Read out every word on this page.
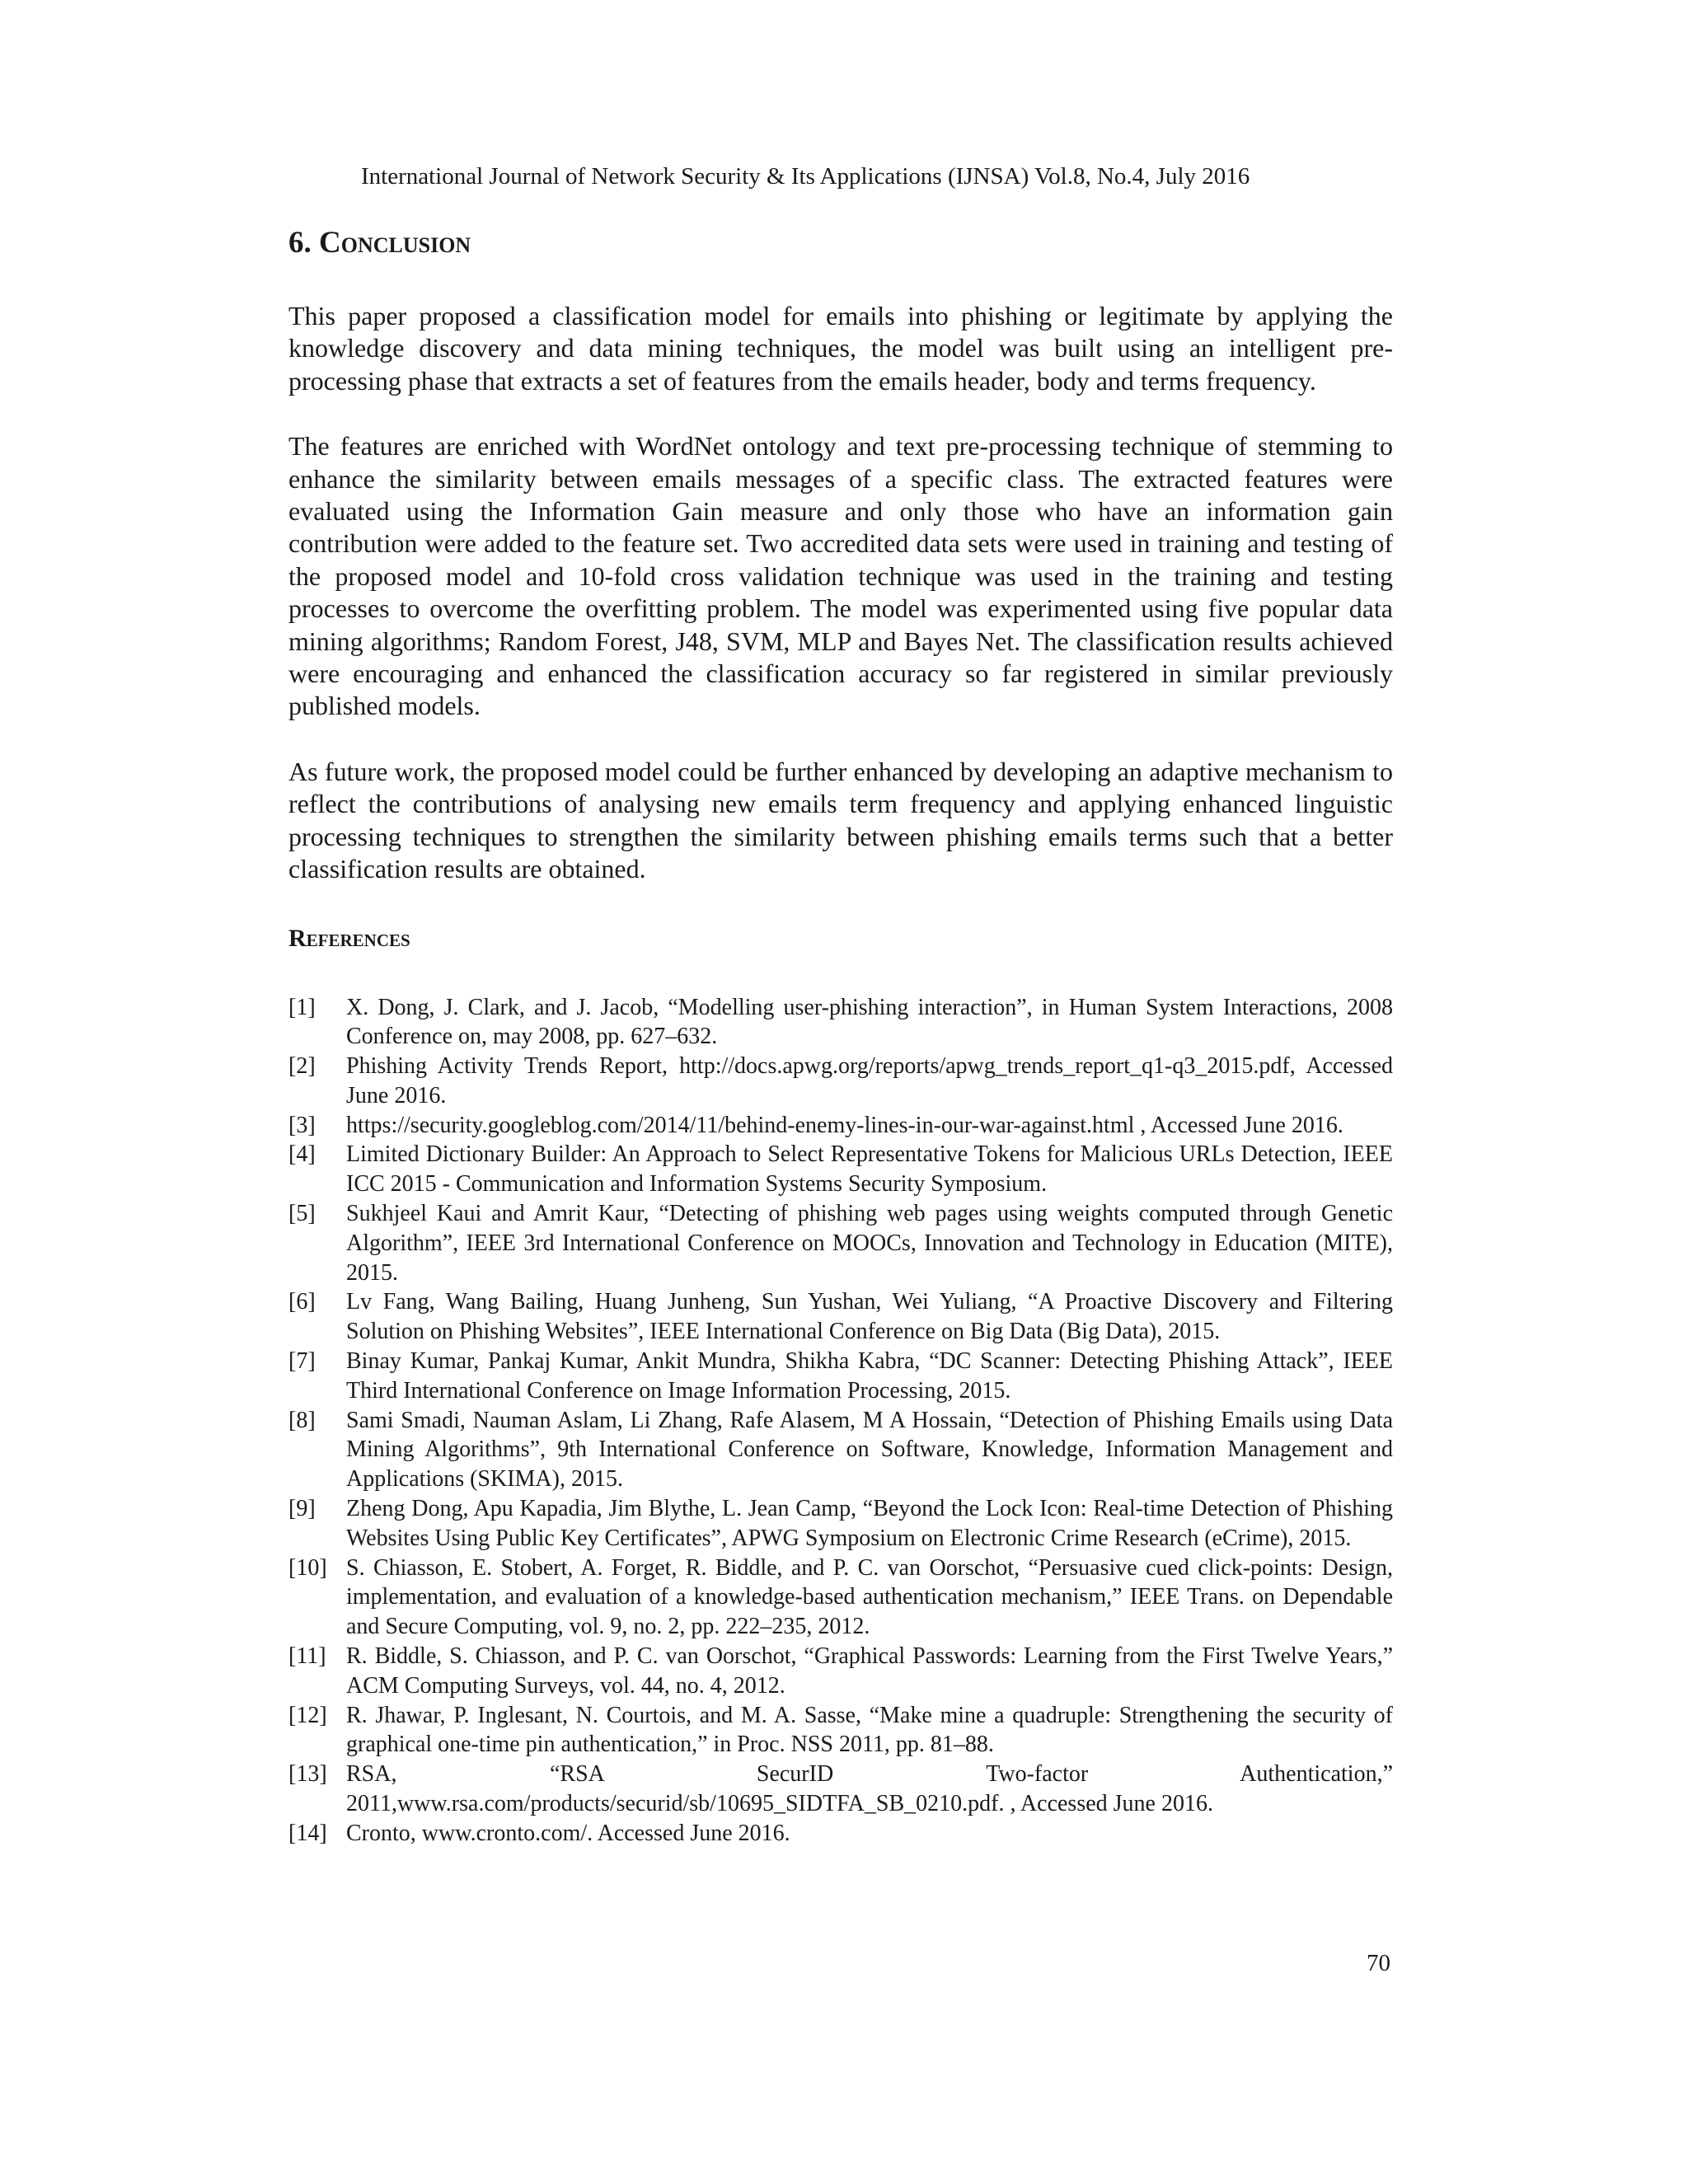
International Journal of Network Security & Its Applications (IJNSA) Vol.8, No.4, July 2016
6. Conclusion

This paper proposed a classification model for emails into phishing or legitimate by applying the knowledge discovery and data mining techniques, the model was built using an intelligent pre-processing phase that extracts a set of features from the emails header, body and terms frequency.

The features are enriched with WordNet ontology and text pre-processing technique of stemming to enhance the similarity between emails messages of a specific class. The extracted features were evaluated using the Information Gain measure and only those who have an information gain contribution were added to the feature set. Two accredited data sets were used in training and testing of the proposed model and 10-fold cross validation technique was used in the training and testing processes to overcome the overfitting problem. The model was experimented using five popular data mining algorithms; Random Forest, J48, SVM, MLP and Bayes Net. The classification results achieved were encouraging and enhanced the classification accuracy so far registered in similar previously published models.

As future work, the proposed model could be further enhanced by developing an adaptive mechanism to reflect the contributions of analysing new emails term frequency and applying enhanced linguistic processing techniques to strengthen the similarity between phishing emails terms such that a better classification results are obtained.

References
[1]	X. Dong, J. Clark, and J. Jacob, “Modelling user-phishing interaction”, in Human System Interactions, 2008 Conference on, may 2008, pp. 627–632.
[2]	Phishing Activity Trends Report, http://docs.apwg.org/reports/apwg_trends_report_q1-q3_2015.pdf, Accessed June 2016.
[3]	https://security.googleblog.com/2014/11/behind-enemy-lines-in-our-war-against.html , Accessed June 2016.
[4]	Limited Dictionary Builder: An Approach to Select Representative Tokens for Malicious URLs Detection, IEEE ICC 2015 - Communication and Information Systems Security Symposium.
[5]	Sukhjeel Kaui and Amrit Kaur, “Detecting of phishing web pages using weights computed through Genetic Algorithm”, IEEE 3rd International Conference on MOOCs, Innovation and Technology in Education (MITE), 2015.
[6]	Lv Fang, Wang Bailing, Huang Junheng, Sun Yushan, Wei Yuliang, “A Proactive Discovery and Filtering Solution on Phishing Websites”, IEEE International Conference on Big Data (Big Data), 2015.
[7]	Binay Kumar, Pankaj Kumar, Ankit Mundra, Shikha Kabra, “DC Scanner: Detecting Phishing Attack”, IEEE Third International Conference on Image Information Processing, 2015.
[8]	Sami Smadi, Nauman Aslam, Li Zhang, Rafe Alasem, M A Hossain, “Detection of Phishing Emails using Data Mining Algorithms”, 9th International Conference on Software, Knowledge, Information Management and Applications (SKIMA), 2015.
[9]	Zheng Dong, Apu Kapadia, Jim Blythe, L. Jean Camp, “Beyond the Lock Icon: Real-time Detection of Phishing Websites Using Public Key Certificates”, APWG Symposium on Electronic Crime Research (eCrime), 2015.
[10] S. Chiasson, E. Stobert, A. Forget, R. Biddle, and P. C. van Oorschot, “Persuasive cued click-points: Design, implementation, and evaluation of a knowledge-based authentication mechanism,” IEEE Trans. on Dependable and Secure Computing, vol. 9, no. 2, pp. 222–235, 2012.
[11] R. Biddle, S. Chiasson, and P. C. van Oorschot, “Graphical Passwords: Learning from the First Twelve Years,” ACM Computing Surveys, vol. 44, no. 4, 2012.
[12] R. Jhawar, P. Inglesant, N. Courtois, and M. A. Sasse, “Make mine a quadruple: Strengthening the security of graphical one-time pin authentication,” in Proc. NSS 2011, pp. 81–88.
[13] RSA, “RSA SecurID Two-factor Authentication,” 2011,www.rsa.com/products/securid/sb/10695_SIDTFA_SB_0210.pdf. , Accessed June 2016.
[14] Cronto, www.cronto.com/. Accessed June 2016.
70
